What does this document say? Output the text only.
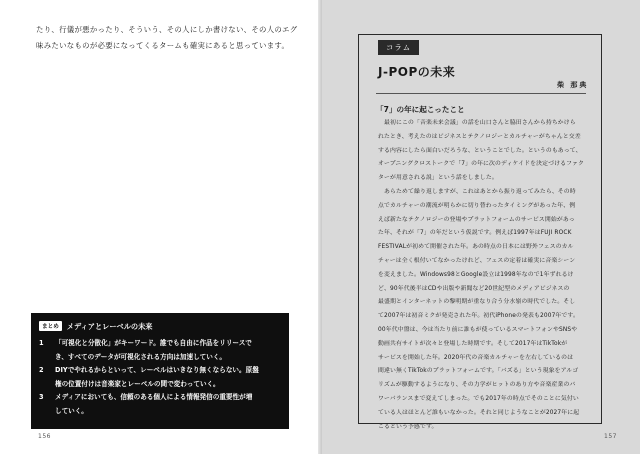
たり、行儀が悪かったり、そういう、その人にしか書けない、その人のエグ
味みたいなものが必要になってくるタームも確実にあると思っています。
まとめ メディアとレーベルの未来
1	「可視化と分散化」がキーワード。誰でも自由に作品をリリースで
き、すべてのデータが可視化される方向は加速していく。
2	DIYでやれるからといって、レーベルはいきなり無くならない。原盤
権の位置付けは音楽家とレーベルの間で変わっていく。
3	メディアにおいても、信頼のある個人による情報発信の重要性が増
していく。
156
コラム
J-POPの未来
柴 那典
「7」の年に起こったこと
　最初にこの「音楽未来会議」の話を山口さんと脇田さんから持ちかけら
れたとき、考えたのはビジネスとテクノロジーとカルチャーがちゃんと交差
する内容にしたら面白いだろうな、ということでした。というのもあって、
オープニングクロストークで「7」の年に次のディケイドを決定づけるファク
ターが用意される説」という話をしました。
　あらためて繰り返しますが、これはあとから振り返ってみたら、その時
点でカルチャーの潮流が明らかに切り替わったタイミングがあった年、例
えば新たなテクノロジーの登場やプラットフォームのサービス開始があっ
た年、それが「7」の年だという仮説です。例えば1997年はFUJI ROCK
FESTIVALが初めて開催された年。あの時点の日本には野外フェスのカル
チャーは全く根付いてなかったけれど、フェスの定着は確実に音楽シーン
を変えました。Windows98とGoogle設立は1998年なので1年ずれるけ
ど、90年代後半はCDや出版や新聞など20世紀型のメディアビジネスの
最盛期とインターネットの黎明期が重なり合う分水嶺の時代でした。そし
て2007年は初音ミクが発売された年。初代iPhoneの発表も2007年です。
00年代中盤は、今は当たり前に誰もが使っているスマートフォンやSNSや
動画共有サイトが次々と登場した時期です。そして2017年はTikTokが
サービスを開始した年。2020年代の音楽カルチャーを左右しているのは
間違い無くTikTokのプラットフォームです。「バズる」という現象をアルゴ
リズムが駆動するようになり、その力学がヒットのあり方や音楽産業のパ
ワーバランスまで変えてしまった。でも2017年の時点でそのことに気付い
ている人はほとんど誰もいなかった。それと同じようなことが2027年に起
こるという予感です。
157
